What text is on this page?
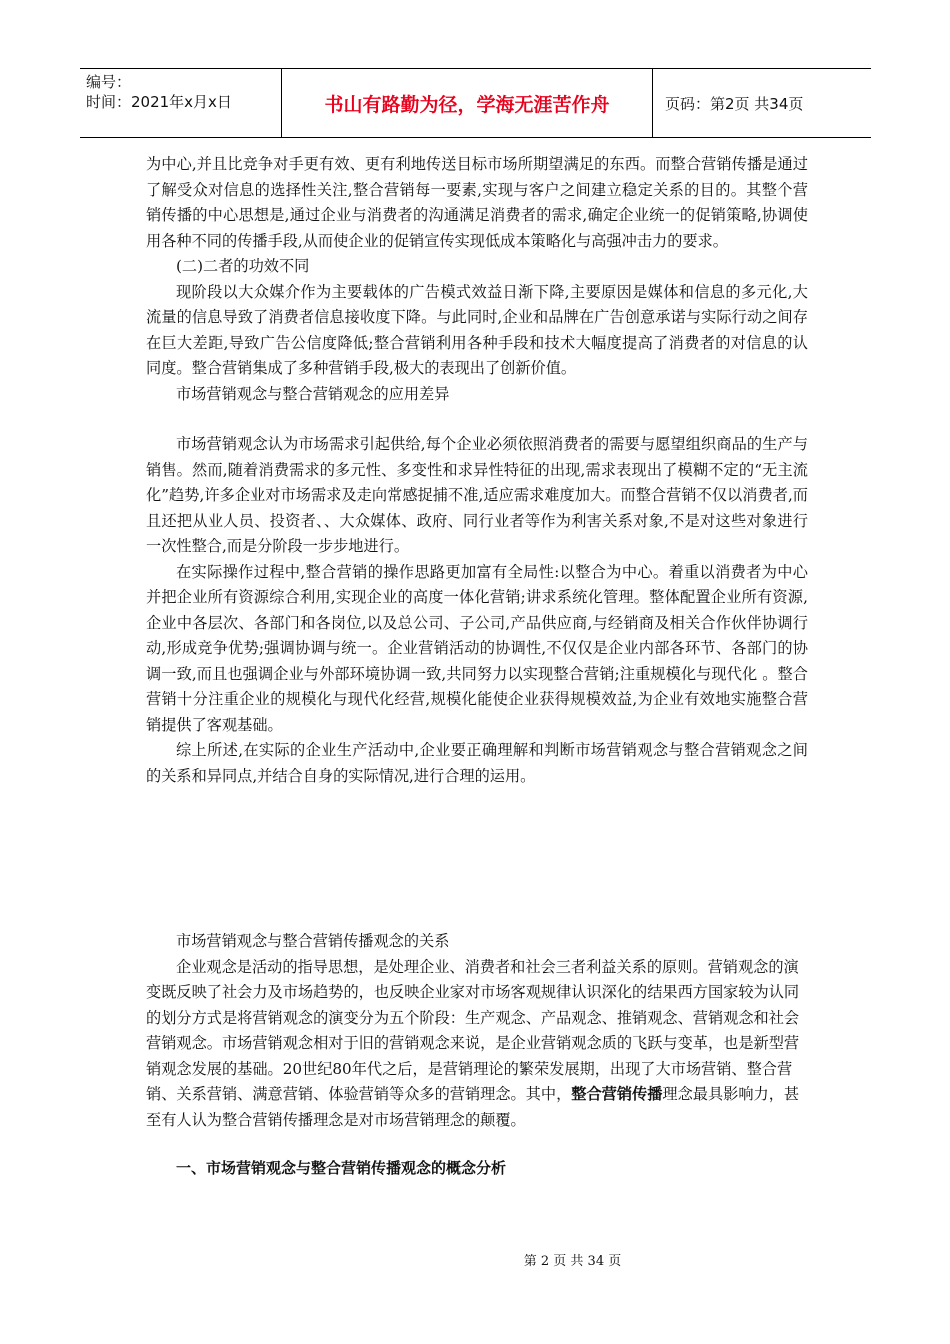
编号：
时间：2021年x月x日	书山有路勤为径，学海无涯苦作舟	页码：第2页 共34页

为中心,并且比竞争对手更有效、更有利地传送目标市场所期望满足的东西。而整合营销传播是通过了解受众对信息的选择性关注,整合营销每一要素,实现与客户之间建立稳定关系的目的。其整个营销传播的中心思想是,通过企业与消费者的沟通满足消费者的需求,确定企业统一的促销策略,协调使用各种不同的传播手段,从而使企业的促销宣传实现低成本策略化与高强冲击力的要求。

(二)二者的功效不同

现阶段以大众媒介作为主要载体的广告模式效益日渐下降,主要原因是媒体和信息的多元化,大流量的信息导致了消费者信息接收度下降。与此同时,企业和品牌在广告创意承诺与实际行动之间存在巨大差距,导致广告公信度降低;整合营销利用各种手段和技术大幅度提高了消费者的对信息的认同度。整合营销集成了多种营销手段,极大的表现出了创新价值。

市场营销观念与整合营销观念的应用差异

市场营销观念认为市场需求引起供给,每个企业必须依照消费者的需要与愿望组织商品的生产与销售。然而,随着消费需求的多元性、多变性和求异性特征的出现,需求表现出了模糊不定的“无主流化”趋势,许多企业对市场需求及走向常感捉捕不准,适应需求难度加大。而整合营销不仅以消费者,而且还把从业人员、投资者、、大众媒体、政府、同行业者等作为利害关系对象,不是对这些对象进行一次性整合,而是分阶段一步步地进行。

在实际操作过程中,整合营销的操作思路更加富有全局性:以整合为中心。着重以消费者为中心并把企业所有资源综合利用,实现企业的高度一体化营销;讲求系统化管理。整体配置企业所有资源,企业中各层次、各部门和各岗位,以及总公司、子公司,产品供应商,与经销商及相关合作伙伴协调行动,形成竞争优势;强调协调与统一。企业营销活动的协调性,不仅仅是企业内部各环节、各部门的协调一致,而且也强调企业与外部环境协调一致,共同努力以实现整合营销;注重规模化与现代化 。整合营销十分注重企业的规模化与现代化经营,规模化能使企业获得规模效益,为企业有效地实施整合营销提供了客观基础。

综上所述,在实际的企业生产活动中,企业要正确理解和判断市场营销观念与整合营销观念之间的关系和异同点,并结合自身的实际情况,进行合理的运用。

市场营销观念与整合营销传播观念的关系

企业观念是活动的指导思想，是处理企业、消费者和社会三者利益关系的原则。营销观念的演变既反映了社会力及市场趋势的，也反映企业家对市场客观规律认识深化的结果西方国家较为认同的划分方式是将营销观念的演变分为五个阶段：生产观念、产品观念、推销观念、营销观念和社会营销观念。市场营销观念相对于旧的营销观念来说，是企业营销观念质的飞跃与变革，也是新型营销观念发展的基础。20世纪80年代之后，是营销理论的繁荣发展期，出现了大市场营销、整合营销、关系营销、满意营销、体验营销等众多的营销理念。其中，整合营销传播理念最具影响力，甚至有人认为整合营销传播理念是对市场营销理念的颠覆。

一、市场营销观念与整合营销传播观念的概念分析

第 2 页 共 34 页
